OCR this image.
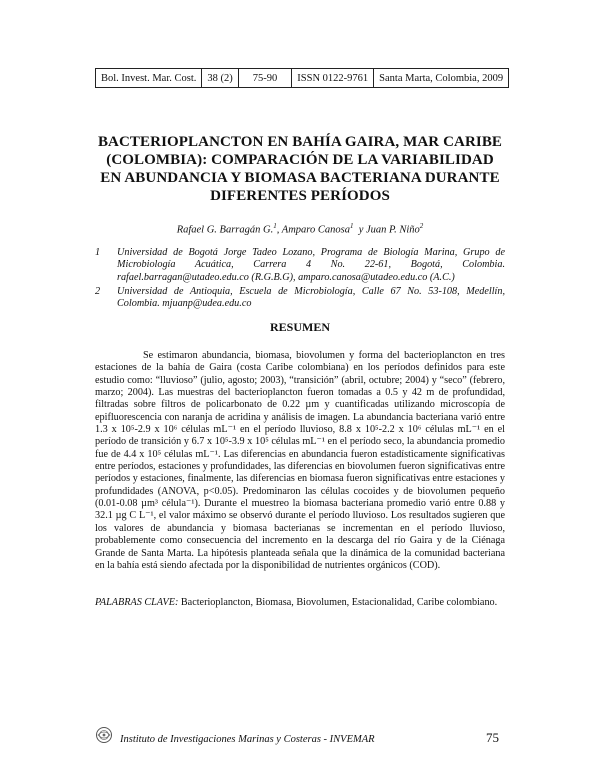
Bol. Invest. Mar. Cost.	38 (2)	75-90	ISSN 0122-9761	Santa Marta, Colombia, 2009
BACTERIOPLANCTON EN BAHÍA GAIRA, MAR CARIBE (COLOMBIA): COMPARACIÓN DE LA VARIABILIDAD EN ABUNDANCIA Y BIOMASA BACTERIANA DURANTE DIFERENTES PERÍODOS

Rafael G. Barragán G.$^1$, Amparo Canosa$^1$  y Juan P. Niño$^2$

1	Universidad de Bogotá Jorge Tadeo Lozano, Programa de Biología Marina, Grupo de Microbiología Acuática, Carrera 4 No. 22-61, Bogotá, Colombia. rafael.barragan@utadeo.edu.co (R.G.B.G), amparo.canosa@utadeo.edu.co (A.C.)
2	Universidad de Antioquia, Escuela de Microbiología, Calle 67 No. 53-108, Medellín, Colombia. mjuanp@udea.edu.co
RESUMEN

Se estimaron abundancia, biomasa, biovolumen y forma del bacterioplancton en tres estaciones de la bahía de Gaira (costa Caribe colombiana) en los períodos definidos para este estudio como: “lluvioso” (julio, agosto; 2003), “transición” (abril, octubre; 2004) y “seco” (febrero, marzo; 2004). Las muestras del bacterioplancton fueron tomadas a 0.5 y 42 m de profundidad, filtradas sobre filtros de policarbonato de 0.22 µm y cuantificadas utilizando microscopía de epifluorescencia con naranja de acridina y análisis de imagen. La abundancia bacteriana varió entre 1.3 x 10⁵-2.9 x 10⁶ células mL⁻¹ en el período lluvioso, 8.8 x 10⁵-2.2 x 10⁶ células mL⁻¹ en el período de transición y 6.7 x 10⁵-3.9 x 10⁵ células mL⁻¹ en el período seco, la abundancia promedio fue de 4.4 x 10⁵ células mL⁻¹. Las diferencias en abundancia fueron estadísticamente significativas entre períodos, estaciones y profundidades, las diferencias en biovolumen fueron significativas entre períodos y estaciones, finalmente, las diferencias en biomasa fueron significativas entre estaciones y profundidades (ANOVA, p<0.05). Predominaron las células cocoides y de biovolumen pequeño (0.01-0.08 µm³ célula⁻¹). Durante el muestreo la biomasa bacteriana promedio varió entre 0.88 y 32.1 µg C L⁻¹, el valor máximo se observó durante el período lluvioso. Los resultados sugieren que los valores de abundancia y biomasa bacterianas se incrementan en el período lluvioso, probablemente como consecuencia del incremento en la descarga del río Gaira y de la Ciénaga Grande de Santa Marta. La hipótesis planteada señala que la dinámica de la comunidad bacteriana en la bahía está siendo afectada por la disponibilidad de nutrientes orgánicos (COD).

PALABRAS CLAVE: Bacterioplancton, Biomasa, Biovolumen, Estacionalidad, Caribe colombiano.

Instituto de Investigaciones Marinas y Costeras - INVEMAR	75
